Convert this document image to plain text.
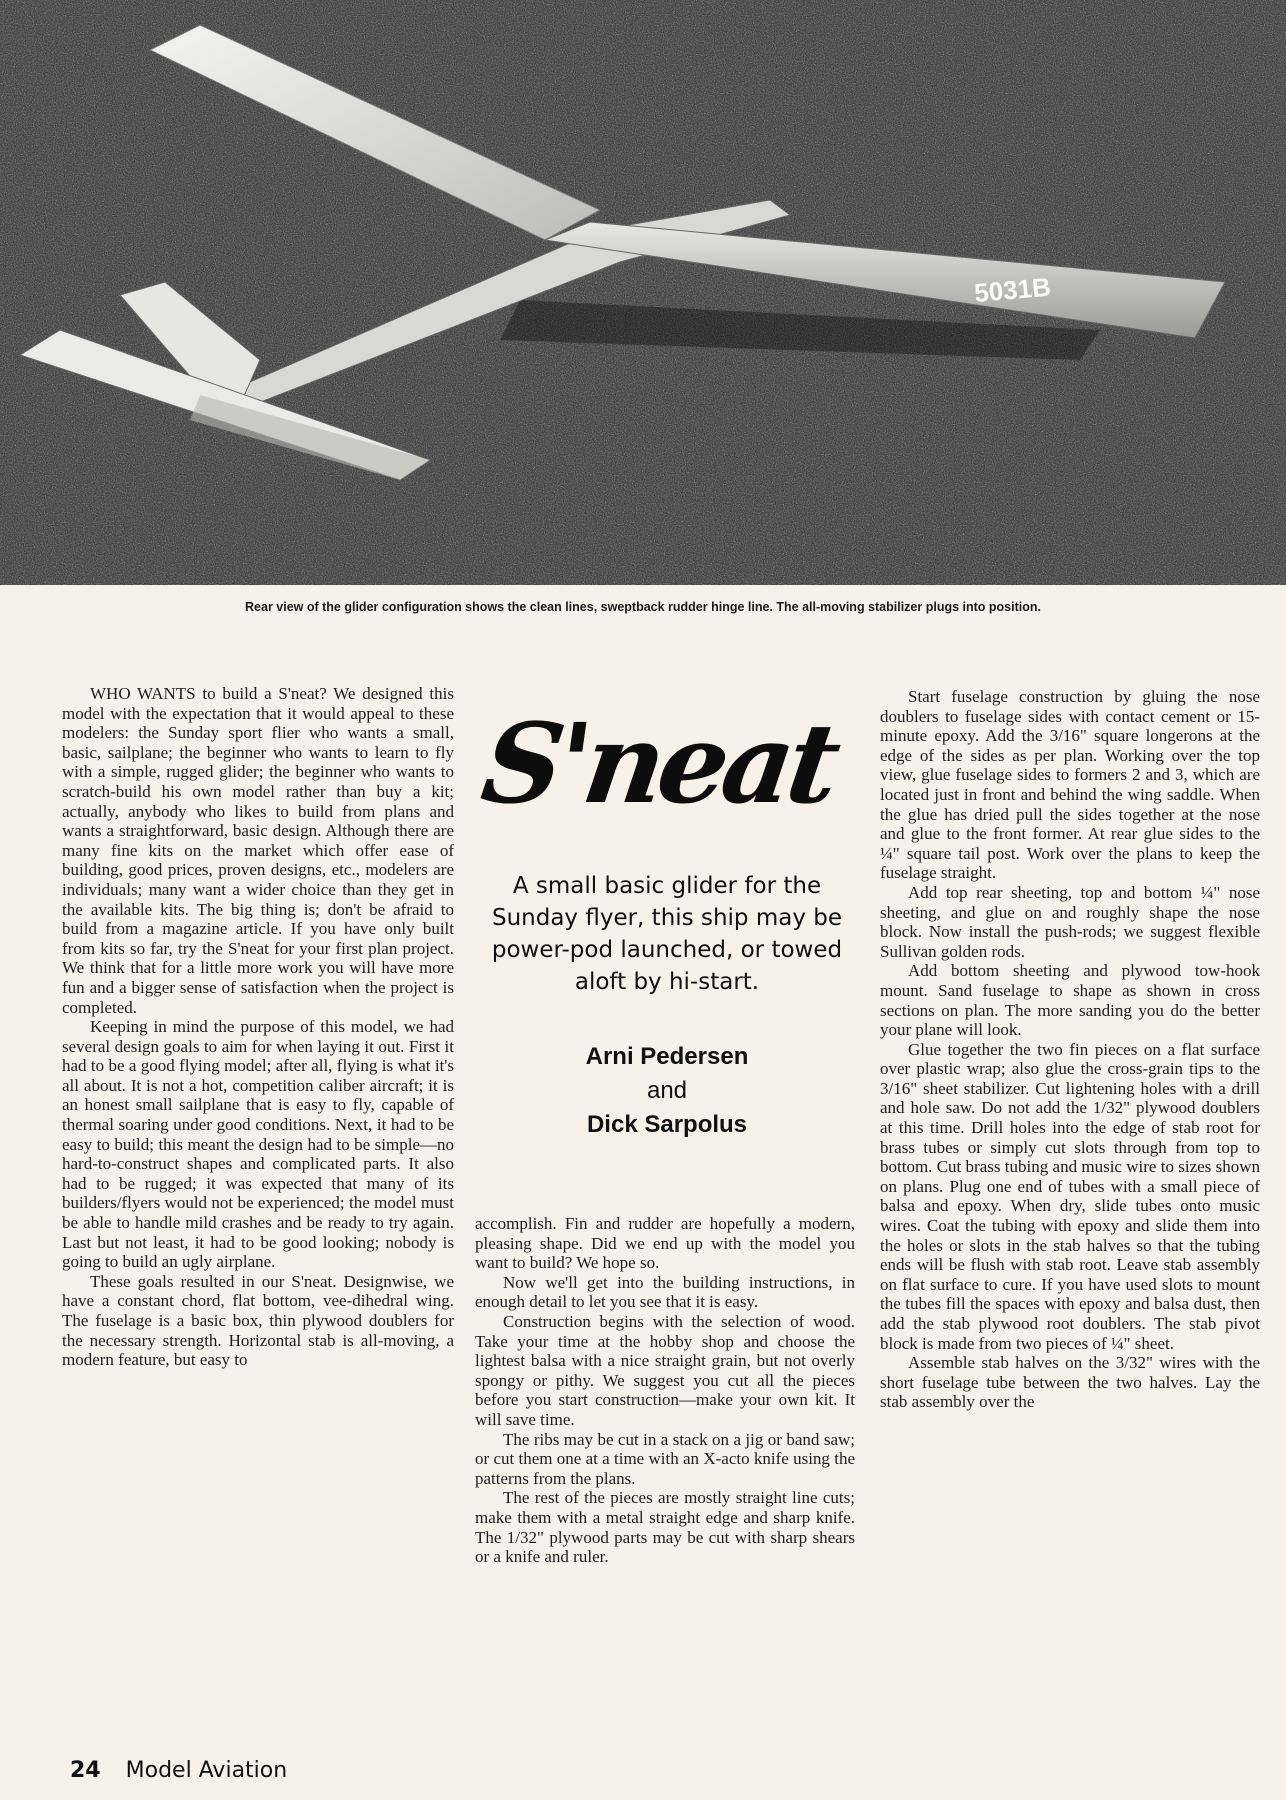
5031B
Rear view of the glider configuration shows the clean lines, sweptback rudder hinge line. The all-moving stabilizer plugs into position.

WHO WANTS to build a S'neat? We designed this model with the expectation that it would appeal to these modelers: the Sunday sport flier who wants a small, basic, sailplane; the beginner who wants to learn to fly with a simple, rugged glider; the beginner who wants to scratch-build his own model rather than buy a kit; actually, anybody who likes to build from plans and wants a straightforward, basic design. Although there are many fine kits on the market which offer ease of building, good prices, proven designs, etc., modelers are individuals; many want a wider choice than they get in the available kits. The big thing is; don't be afraid to build from a magazine article. If you have only built from kits so far, try the S'neat for your first plan project. We think that for a little more work you will have more fun and a bigger sense of satisfaction when the project is completed.

Keeping in mind the purpose of this model, we had several design goals to aim for when laying it out. First it had to be a good flying model; after all, flying is what it's all about. It is not a hot, competition caliber aircraft; it is an honest small sailplane that is easy to fly, capable of thermal soaring under good conditions. Next, it had to be easy to build; this meant the design had to be simple—no hard-to-construct shapes and complicated parts. It also had to be rugged; it was expected that many of its builders/flyers would not be experienced; the model must be able to handle mild crashes and be ready to try again. Last but not least, it had to be good looking; nobody is going to build an ugly airplane.

These goals resulted in our S'neat. Designwise, we have a constant chord, flat bottom, vee-dihedral wing. The fuselage is a basic box, thin plywood doublers for the necessary strength. Horizontal stab is all-moving, a modern feature, but easy to

S'neat
A small basic glider for the Sunday flyer, this ship may be power-pod launched, or towed aloft by hi-start.
Arni Pedersen
and
Dick Sarpolus

accomplish. Fin and rudder are hopefully a modern, pleasing shape. Did we end up with the model you want to build? We hope so.

Now we'll get into the building instructions, in enough detail to let you see that it is easy.

Construction begins with the selection of wood. Take your time at the hobby shop and choose the lightest balsa with a nice straight grain, but not overly spongy or pithy. We suggest you cut all the pieces before you start construction—make your own kit. It will save time.

The ribs may be cut in a stack on a jig or band saw; or cut them one at a time with an X-acto knife using the patterns from the plans.

The rest of the pieces are mostly straight line cuts; make them with a metal straight edge and sharp knife. The 1/32" plywood parts may be cut with sharp shears or a knife and ruler.

Start fuselage construction by gluing the nose doublers to fuselage sides with contact cement or 15-minute epoxy. Add the 3/16" square longerons at the edge of the sides as per plan. Working over the top view, glue fuselage sides to formers 2 and 3, which are located just in front and behind the wing saddle. When the glue has dried pull the sides together at the nose and glue to the front former. At rear glue sides to the ¼" square tail post. Work over the plans to keep the fuselage straight.

Add top rear sheeting, top and bottom ¼" nose sheeting, and glue on and roughly shape the nose block. Now install the push-rods; we suggest flexible Sullivan golden rods.

Add bottom sheeting and plywood tow-hook mount. Sand fuselage to shape as shown in cross sections on plan. The more sanding you do the better your plane will look.

Glue together the two fin pieces on a flat surface over plastic wrap; also glue the cross-grain tips to the 3/16" sheet stabilizer. Cut lightening holes with a drill and hole saw. Do not add the 1/32" plywood doublers at this time. Drill holes into the edge of stab root for brass tubes or simply cut slots through from top to bottom. Cut brass tubing and music wire to sizes shown on plans. Plug one end of tubes with a small piece of balsa and epoxy. When dry, slide tubes onto music wires. Coat the tubing with epoxy and slide them into the holes or slots in the stab halves so that the tubing ends will be flush with stab root. Leave stab assembly on flat surface to cure. If you have used slots to mount the tubes fill the spaces with epoxy and balsa dust, then add the stab plywood root doublers. The stab pivot block is made from two pieces of ¼" sheet.

Assemble stab halves on the 3/32" wires with the short fuselage tube between the two halves. Lay the stab assembly over the

24 Model Aviation
